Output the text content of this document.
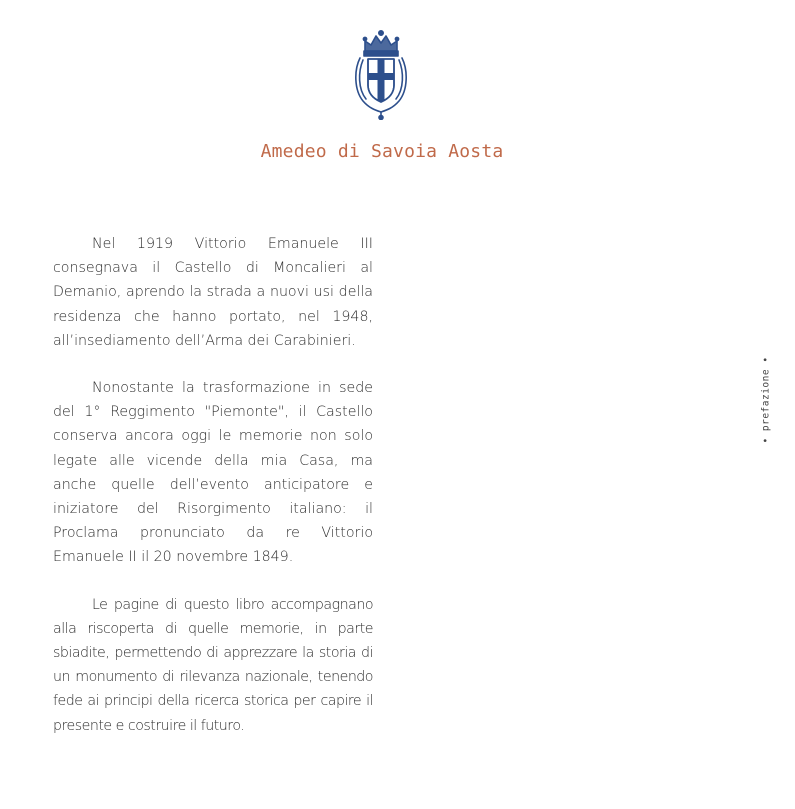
Amedeo di Savoia Aosta

Nel 1919 Vittorio Emanuele III consegnava il Castello di Moncalieri al Demanio, aprendo la strada a nuovi usi della residenza che hanno portato, nel 1948, all’insediamento dell’Arma dei Carabinieri.

Nonostante la trasformazione in sede del 1° Reggimento "Piemonte", il Castello conserva ancora oggi le memorie non solo legate alle vicende della mia Casa, ma anche quelle dell’evento anticipatore e iniziatore del Risorgimento italiano: il Proclama pronunciato da re Vittorio Emanuele II il 20 novembre 1849.

Le pagine di questo libro accompagnano alla riscoperta di quelle memorie, in parte sbiadite, permettendo di apprezzare la storia di un monumento di rilevanza nazionale, tenendo fede ai principi della ricerca storica per capire il presente e costruire il futuro.

• prefazione •
